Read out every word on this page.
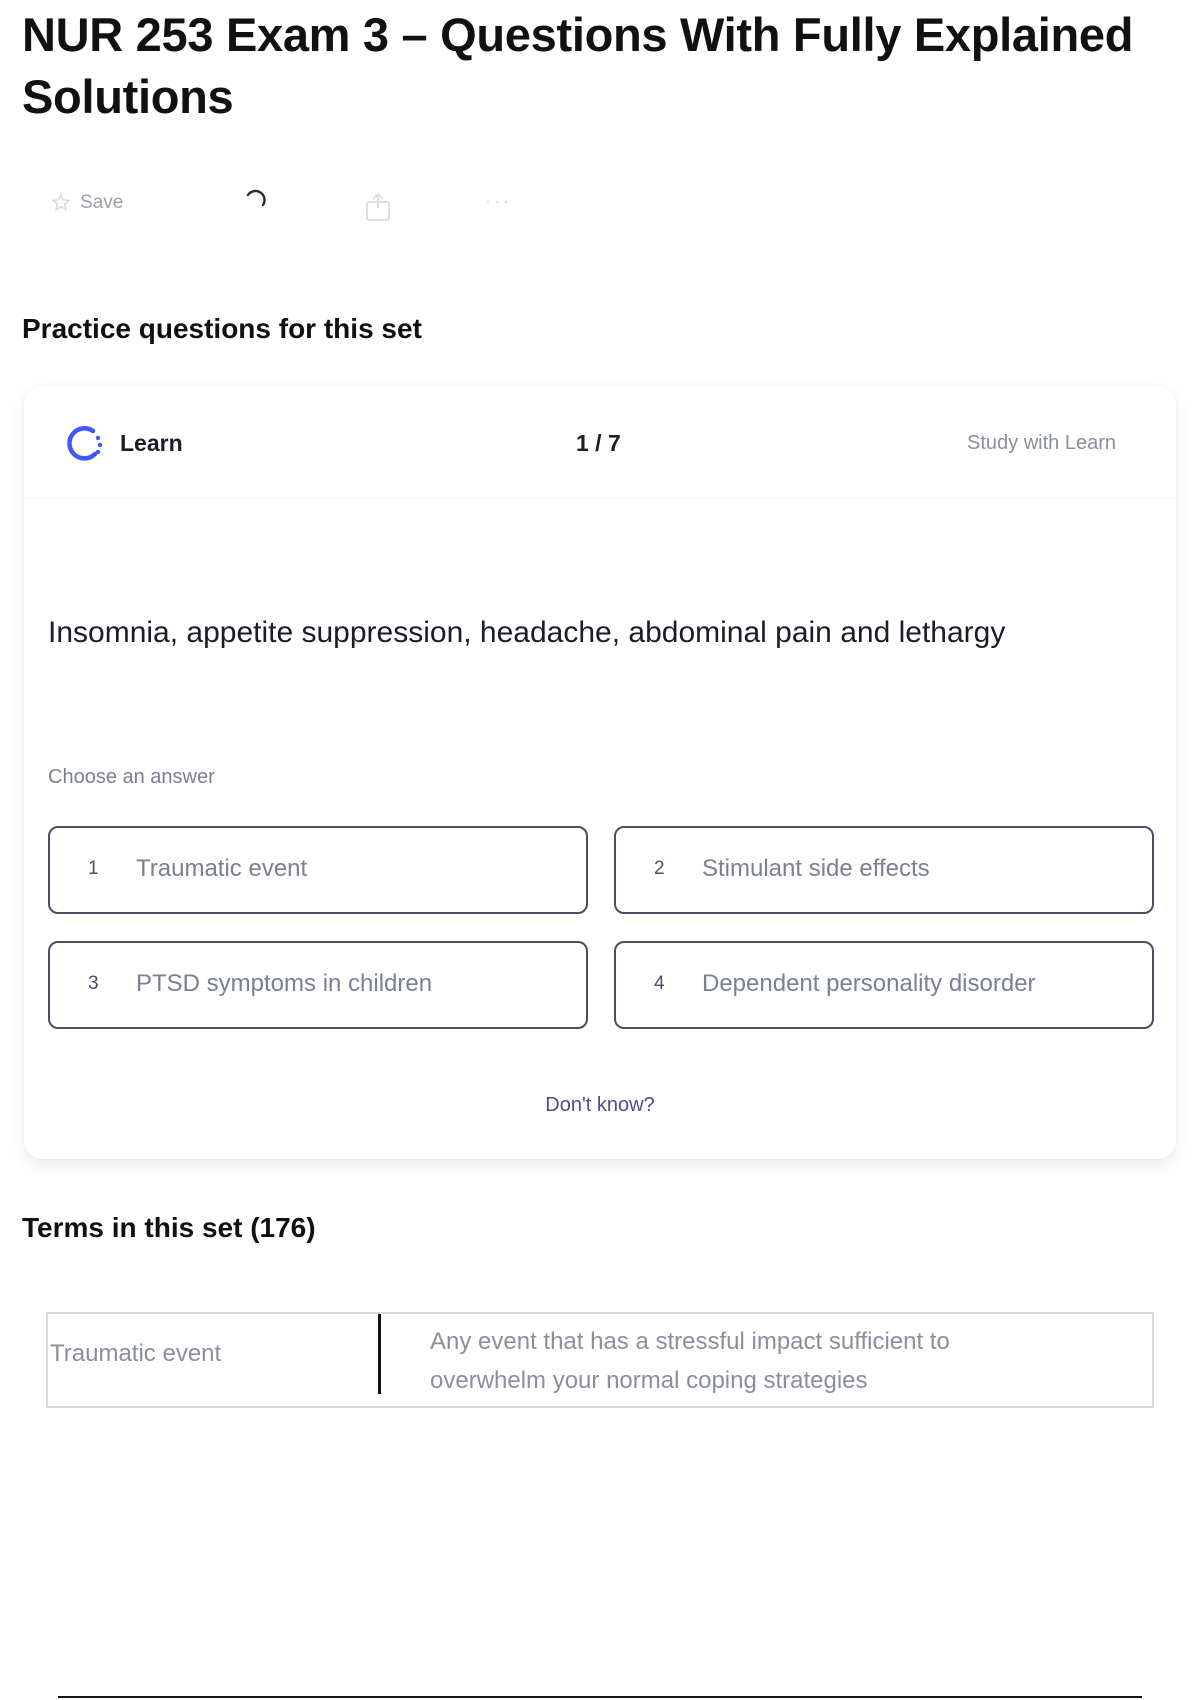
NUR 253 Exam 3 – Questions With Fully Explained Solutions
Save	···
Practice questions for this set
Learn	1 / 7	Study with Learn

Insomnia, appetite suppression, headache, abdominal pain and lethargy

Choose an answer
1 Traumatic event	2 Stimulant side effects
3 PTSD symptoms in children	4 Dependent personality disorder
Don't know?
Terms in this set (176)
Traumatic event	Any event that has a stressful impact sufficient to overwhelm your normal coping strategies
